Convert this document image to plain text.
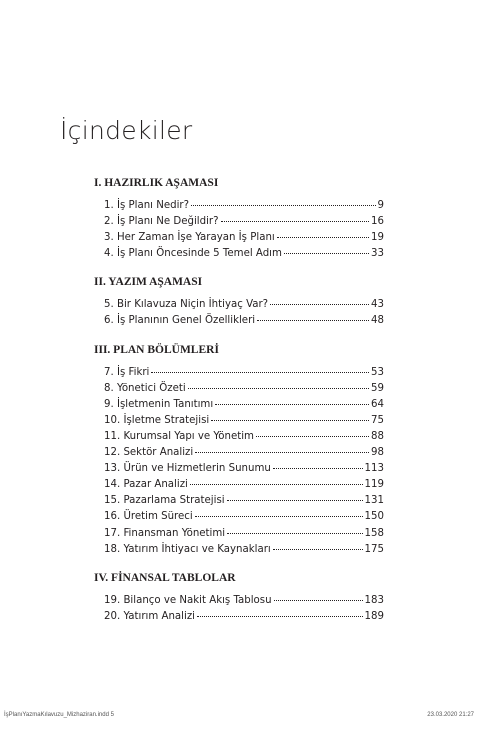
İçindekiler
I. HAZIRLIK AŞAMASI
1. İş Planı Nedir?	9
2. İş Planı Ne Değildir?	16
3. Her Zaman İşe Yarayan İş Planı	19
4. İş Planı Öncesinde 5 Temel Adım	33
II. YAZIM AŞAMASI
5. Bir Kılavuza Niçin İhtiyaç Var?	43
6. İş Planının Genel Özellikleri	48
III. PLAN BÖLÜMLERİ
7. İş Fikri	53
8. Yönetici Özeti	59
9. İşletmenin Tanıtımı	64
10. İşletme Stratejisi	75
11. Kurumsal Yapı ve Yönetim	88
12. Sektör Analizi	98
13. Ürün ve Hizmetlerin Sunumu	113
14. Pazar Analizi	119
15. Pazarlama Stratejisi	131
16. Üretim Süreci	150
17. Finansman Yönetimi	158
18. Yatırım İhtiyacı ve Kaynakları	175
IV. FİNANSAL TABLOLAR
19. Bilanço ve Nakit Akış Tablosu	183
20. Yatırım Analizi	189
İşPlanıYazmaKılavuzu_Mizhaziran.indd 5	23.03.2020 21:27
